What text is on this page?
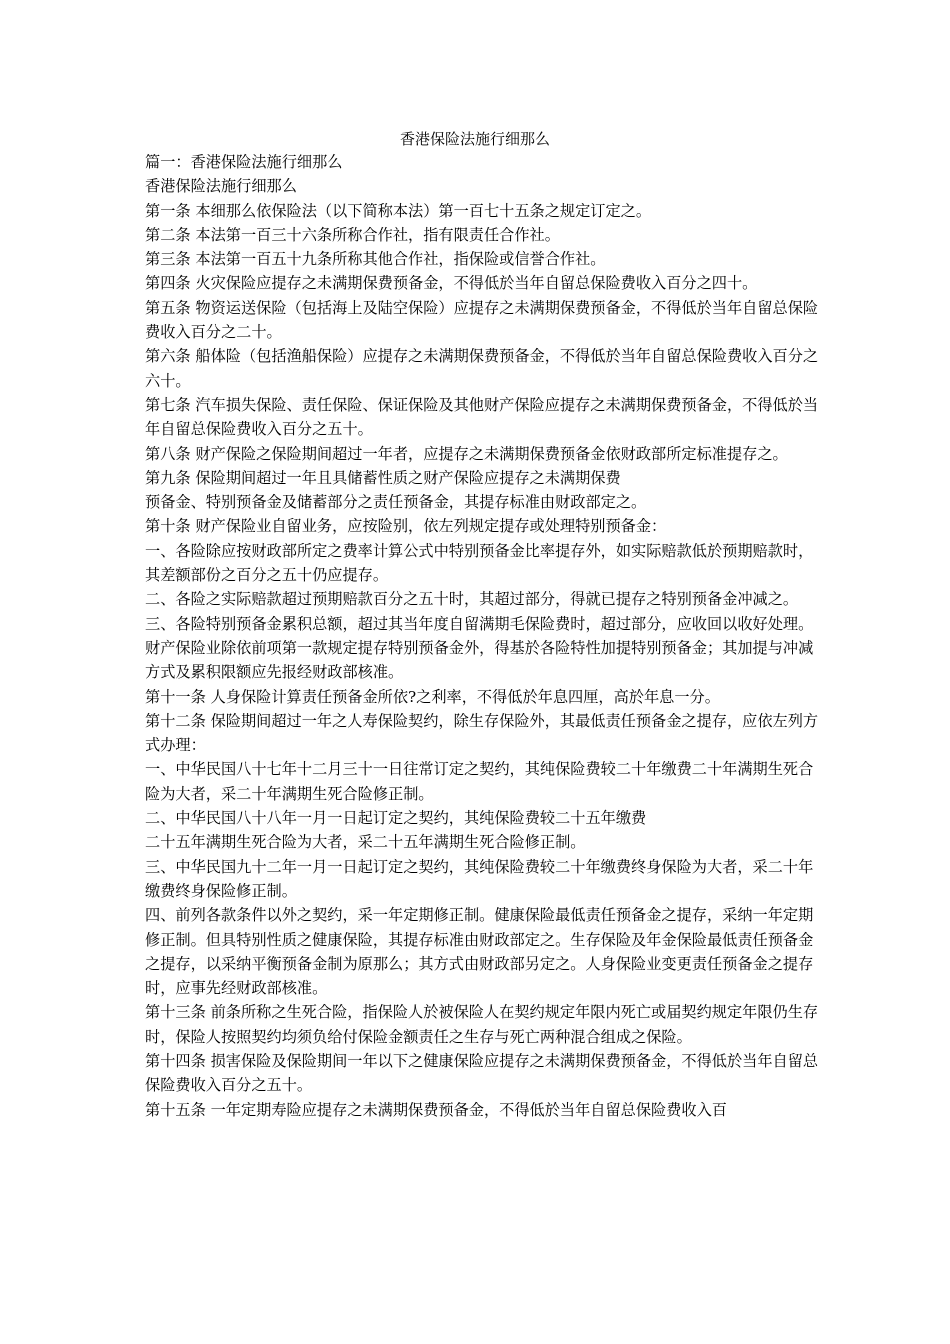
香港保险法施行细那么

篇一：香港保险法施行细那么

香港保险法施行细那么

第一条 本细那么依保险法（以下简称本法）第一百七十五条之规定订定之。

第二条 本法第一百三十六条所称合作社，指有限责任合作社。

第三条 本法第一百五十九条所称其他合作社，指保险或信誉合作社。

第四条 火灾保险应提存之未满期保费预备金，不得低於当年自留总保险费收入百分之四十。

第五条 物资运送保险（包括海上及陆空保险）应提存之未满期保费预备金，不得低於当年自留总保险费收入百分之二十。

第六条 船体险（包括渔船保险）应提存之未满期保费预备金，不得低於当年自留总保险费收入百分之六十。

第七条 汽车损失保险、责任保险、保证保险及其他财产保险应提存之未满期保费预备金，不得低於当年自留总保险费收入百分之五十。

第八条 财产保险之保险期间超过一年者，应提存之未满期保费预备金依财政部所定标准提存之。

第九条 保险期间超过一年且具储蓄性质之财产保险应提存之未满期保费

预备金、特别预备金及储蓄部分之责任预备金，其提存标准由财政部定之。

第十条 财产保险业自留业务，应按险别，依左列规定提存或处理特别预备金：

一、各险除应按财政部所定之费率计算公式中特别预备金比率提存外，如实际赔款低於预期赔款时，其差额部份之百分之五十仍应提存。

二、各险之实际赔款超过预期赔款百分之五十时，其超过部分，得就已提存之特别预备金冲减之。

三、各险特别预备金累积总额，超过其当年度自留满期毛保险费时，超过部分，应收回以收好处理。财产保险业除依前项第一款规定提存特别预备金外，得基於各险特性加提特别预备金；其加提与冲减方式及累积限额应先报经财政部核准。

第十一条 人身保险计算责任预备金所依?之利率，不得低於年息四厘，高於年息一分。

第十二条 保险期间超过一年之人寿保险契约，除生存保险外，其最低责任预备金之提存，应依左列方式办理：

一、中华民国八十七年十二月三十一日往常订定之契约，其纯保险费较二十年缴费二十年满期生死合险为大者，采二十年满期生死合险修正制。

二、中华民国八十八年一月一日起订定之契约，其纯保险费较二十五年缴费

二十五年满期生死合险为大者，采二十五年满期生死合险修正制。

三、中华民国九十二年一月一日起订定之契约，其纯保险费较二十年缴费终身保险为大者，采二十年缴费终身保险修正制。

四、前列各款条件以外之契约，采一年定期修正制。健康保险最低责任预备金之提存，采纳一年定期修正制。但具特别性质之健康保险，其提存标准由财政部定之。生存保险及年金保险最低责任预备金之提存，以采纳平衡预备金制为原那么；其方式由财政部另定之。人身保险业变更责任预备金之提存时，应事先经财政部核准。

第十三条 前条所称之生死合险，指保险人於被保险人在契约规定年限内死亡或届契约规定年限仍生存时，保险人按照契约均须负给付保险金额责任之生存与死亡两种混合组成之保险。

第十四条 损害保险及保险期间一年以下之健康保险应提存之未满期保费预备金，不得低於当年自留总保险费收入百分之五十。

第十五条 一年定期寿险应提存之未满期保费预备金，不得低於当年自留总保险费收入百
